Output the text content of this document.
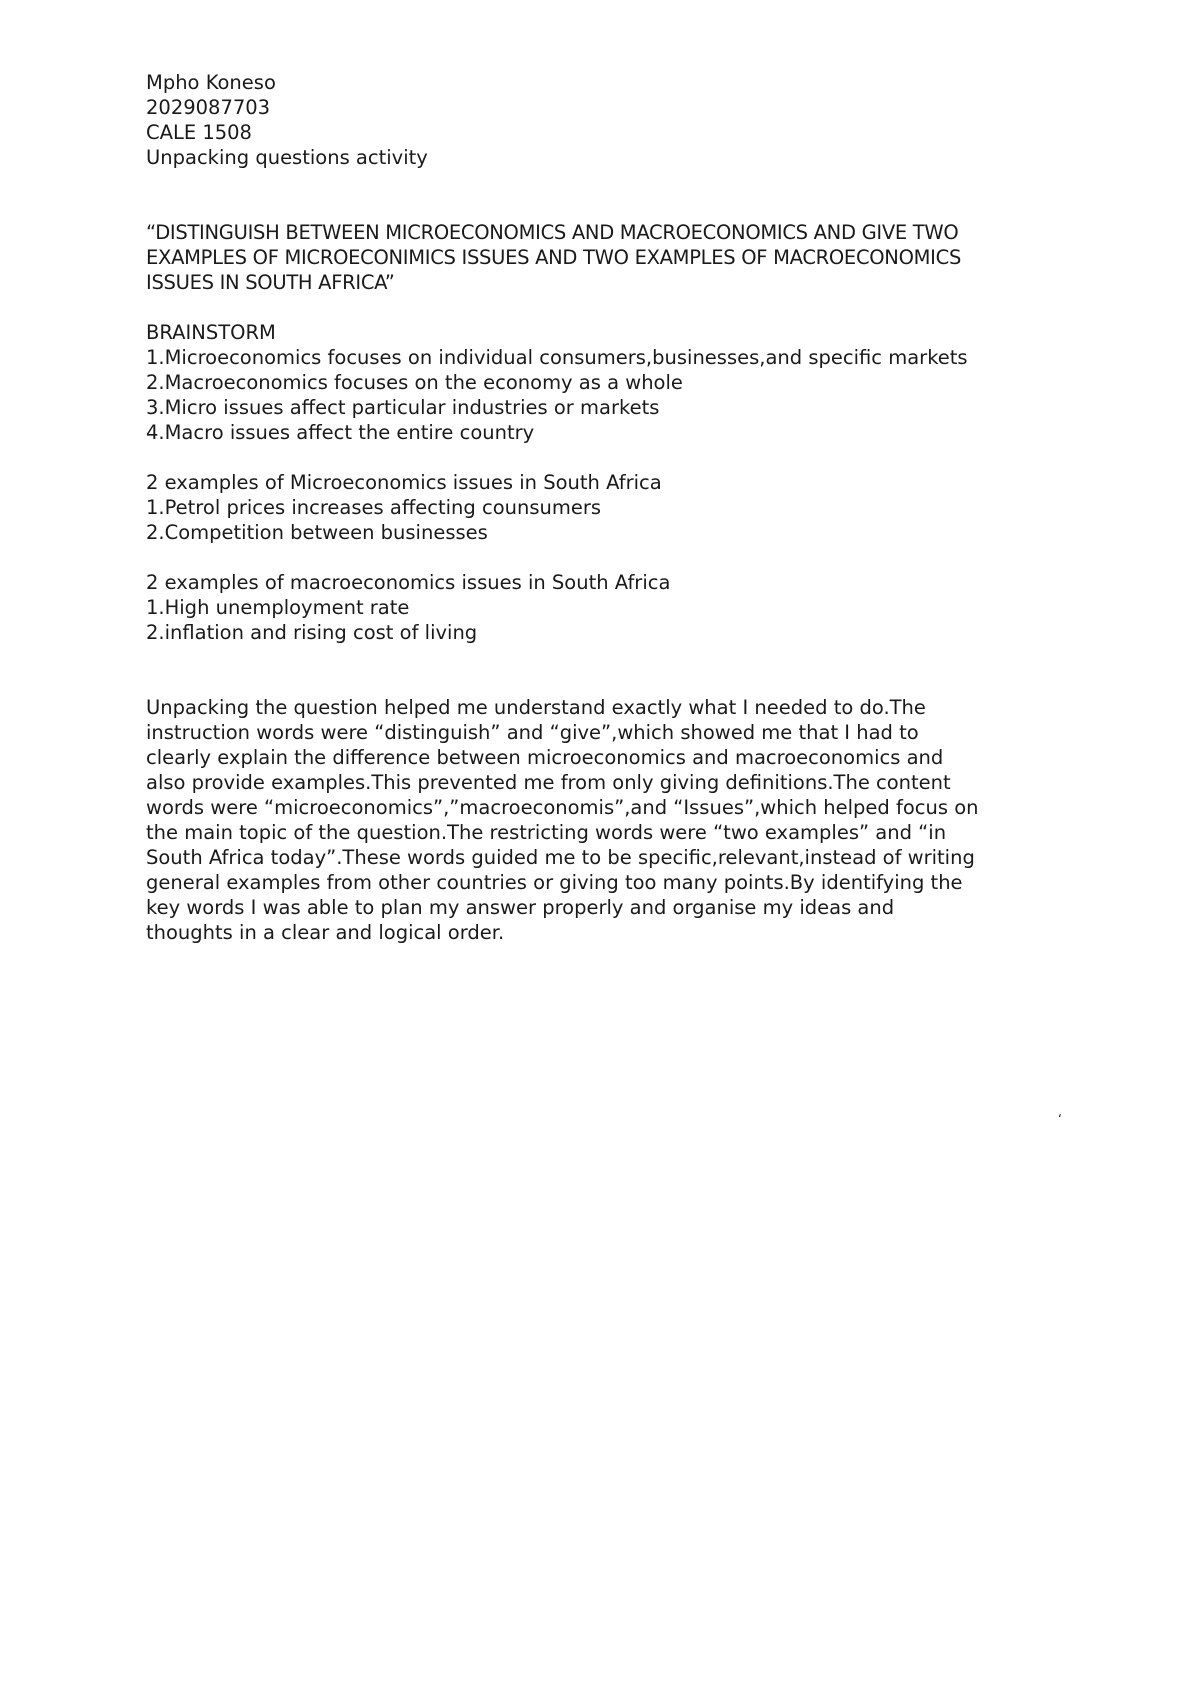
Mpho Koneso
2029087703
CALE 1508
Unpacking questions activity
“DISTINGUISH BETWEEN MICROECONOMICS AND MACROECONOMICS AND GIVE TWO
EXAMPLES OF MICROECONIMICS ISSUES AND TWO EXAMPLES OF MACROECONOMICS
ISSUES IN SOUTH AFRICA”
BRAINSTORM
1.Microeconomics focuses on individual consumers,businesses,and specific markets
2.Macroeconomics focuses on the economy as a whole
3.Micro issues affect particular industries or markets
4.Macro issues affect the entire country
2 examples of Microeconomics issues in South Africa
1.Petrol prices increases affecting counsumers
2.Competition between businesses
2 examples of macroeconomics issues in South Africa
1.High unemployment rate
2.inflation and rising cost of living
Unpacking the question helped me understand exactly what I needed to do.The
instruction words were “distinguish” and “give”,which showed me that I had to
clearly explain the difference between microeconomics and macroeconomics and
also provide examples.This prevented me from only giving definitions.The content
words were “microeconomics”,”macroeconomis”,and “Issues”,which helped focus on
the main topic of the question.The restricting words were “two examples” and “in
South Africa today”.These words guided me to be specific,relevant,instead of writing
general examples from other countries or giving too many points.By identifying the
key words I was able to plan my answer properly and organise my ideas and
thoughts in a clear and logical order.
‘
